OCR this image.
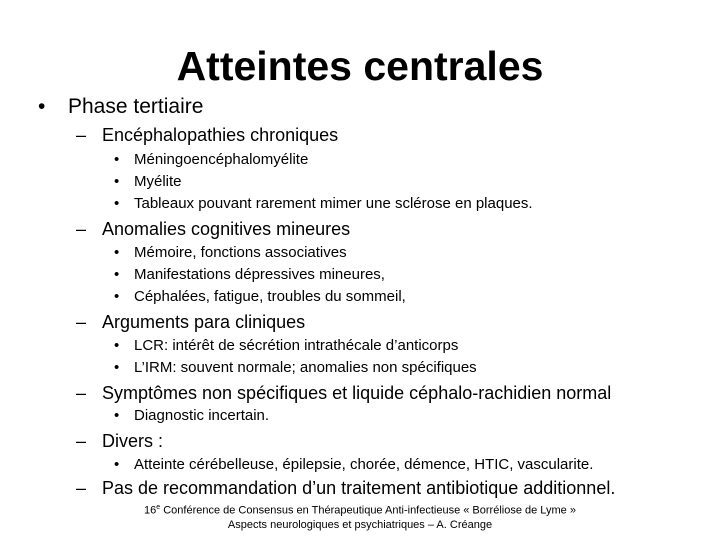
Atteintes centrales
• Phase tertiaire
– Encéphalopathies chroniques
• Méningoencéphalomyélite
• Myélite
• Tableaux pouvant rarement mimer une sclérose en plaques.
– Anomalies cognitives mineures
• Mémoire, fonctions associatives
• Manifestations dépressives mineures,
• Céphalées, fatigue, troubles du sommeil,
– Arguments para cliniques
• LCR: intérêt de sécrétion intrathécale d’anticorps
• L’IRM: souvent normale; anomalies non spécifiques
– Symptômes non spécifiques et liquide céphalo-rachidien normal
• Diagnostic incertain.
– Divers :
• Atteinte cérébelleuse, épilepsie, chorée, démence, HTIC, vascularite.
– Pas de recommandation d’un traitement antibiotique additionnel.
16e Conférence de Consensus en Thérapeutique Anti-infectieuse « Borréliose de Lyme »
Aspects neurologiques et psychiatriques – A. Créange
